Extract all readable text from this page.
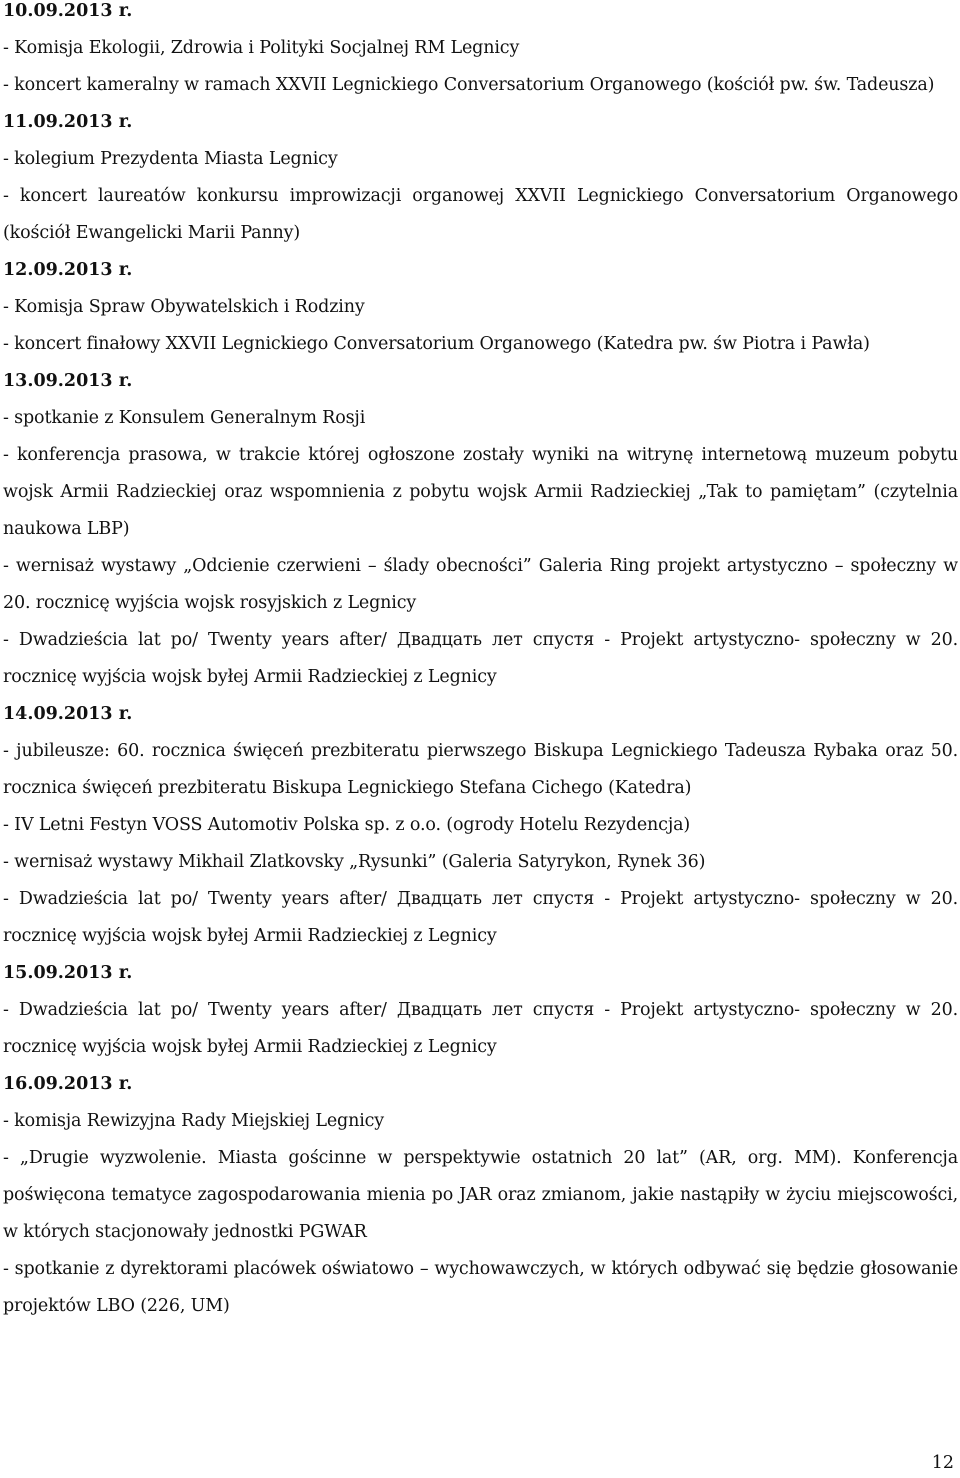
10.09.2013 r.

- Komisja Ekologii, Zdrowia i Polityki Socjalnej RM Legnicy

- koncert kameralny w ramach XXVII Legnickiego Conversatorium Organowego (kościół pw. św. Tadeusza)

11.09.2013 r.

- kolegium Prezydenta Miasta Legnicy

- koncert laureatów konkursu improwizacji organowej XXVII Legnickiego Conversatorium Organowego (kościół Ewangelicki Marii Panny)

12.09.2013 r.

- Komisja Spraw Obywatelskich i Rodziny

- koncert finałowy XXVII Legnickiego Conversatorium Organowego (Katedra pw. św Piotra i Pawła)

13.09.2013 r.

- spotkanie z Konsulem Generalnym Rosji

- konferencja prasowa, w trakcie której ogłoszone zostały wyniki na witrynę internetową muzeum pobytu wojsk Armii Radzieckiej oraz wspomnienia z pobytu wojsk Armii Radzieckiej „Tak to pamiętam” (czytelnia naukowa LBP)

- wernisaż wystawy „Odcienie czerwieni – ślady obecności” Galeria Ring projekt artystyczno – społeczny w 20. rocznicę wyjścia wojsk rosyjskich z Legnicy

- Dwadzieścia lat po/ Twenty years after/ Двадцать лет спустя - Projekt artystyczno- społeczny w 20. rocznicę wyjścia wojsk byłej Armii Radzieckiej z Legnicy

14.09.2013 r.

- jubileusze: 60. rocznica święceń prezbiteratu pierwszego Biskupa Legnickiego Tadeusza Rybaka oraz 50. rocznica święceń prezbiteratu Biskupa Legnickiego Stefana Cichego (Katedra)

- IV Letni Festyn VOSS Automotiv Polska sp. z o.o. (ogrody Hotelu Rezydencja)

- wernisaż wystawy Mikhail Zlatkovsky „Rysunki” (Galeria Satyrykon, Rynek 36)

- Dwadzieścia lat po/ Twenty years after/ Двадцать лет спустя - Projekt artystyczno- społeczny w 20. rocznicę wyjścia wojsk byłej Armii Radzieckiej z Legnicy

15.09.2013 r.

- Dwadzieścia lat po/ Twenty years after/ Двадцать лет спустя - Projekt artystyczno- społeczny w 20. rocznicę wyjścia wojsk byłej Armii Radzieckiej z Legnicy

16.09.2013 r.

- komisja Rewizyjna Rady Miejskiej Legnicy

- „Drugie wyzwolenie. Miasta gościnne w perspektywie ostatnich 20 lat” (AR, org. MM). Konferencja poświęcona tematyce zagospodarowania mienia po JAR oraz zmianom, jakie nastąpiły w życiu miejscowości, w których stacjonowały jednostki PGWAR

- spotkanie z dyrektorami placówek oświatowo – wychowawczych, w których odbywać się będzie głosowanie projektów LBO (226, UM)

12
